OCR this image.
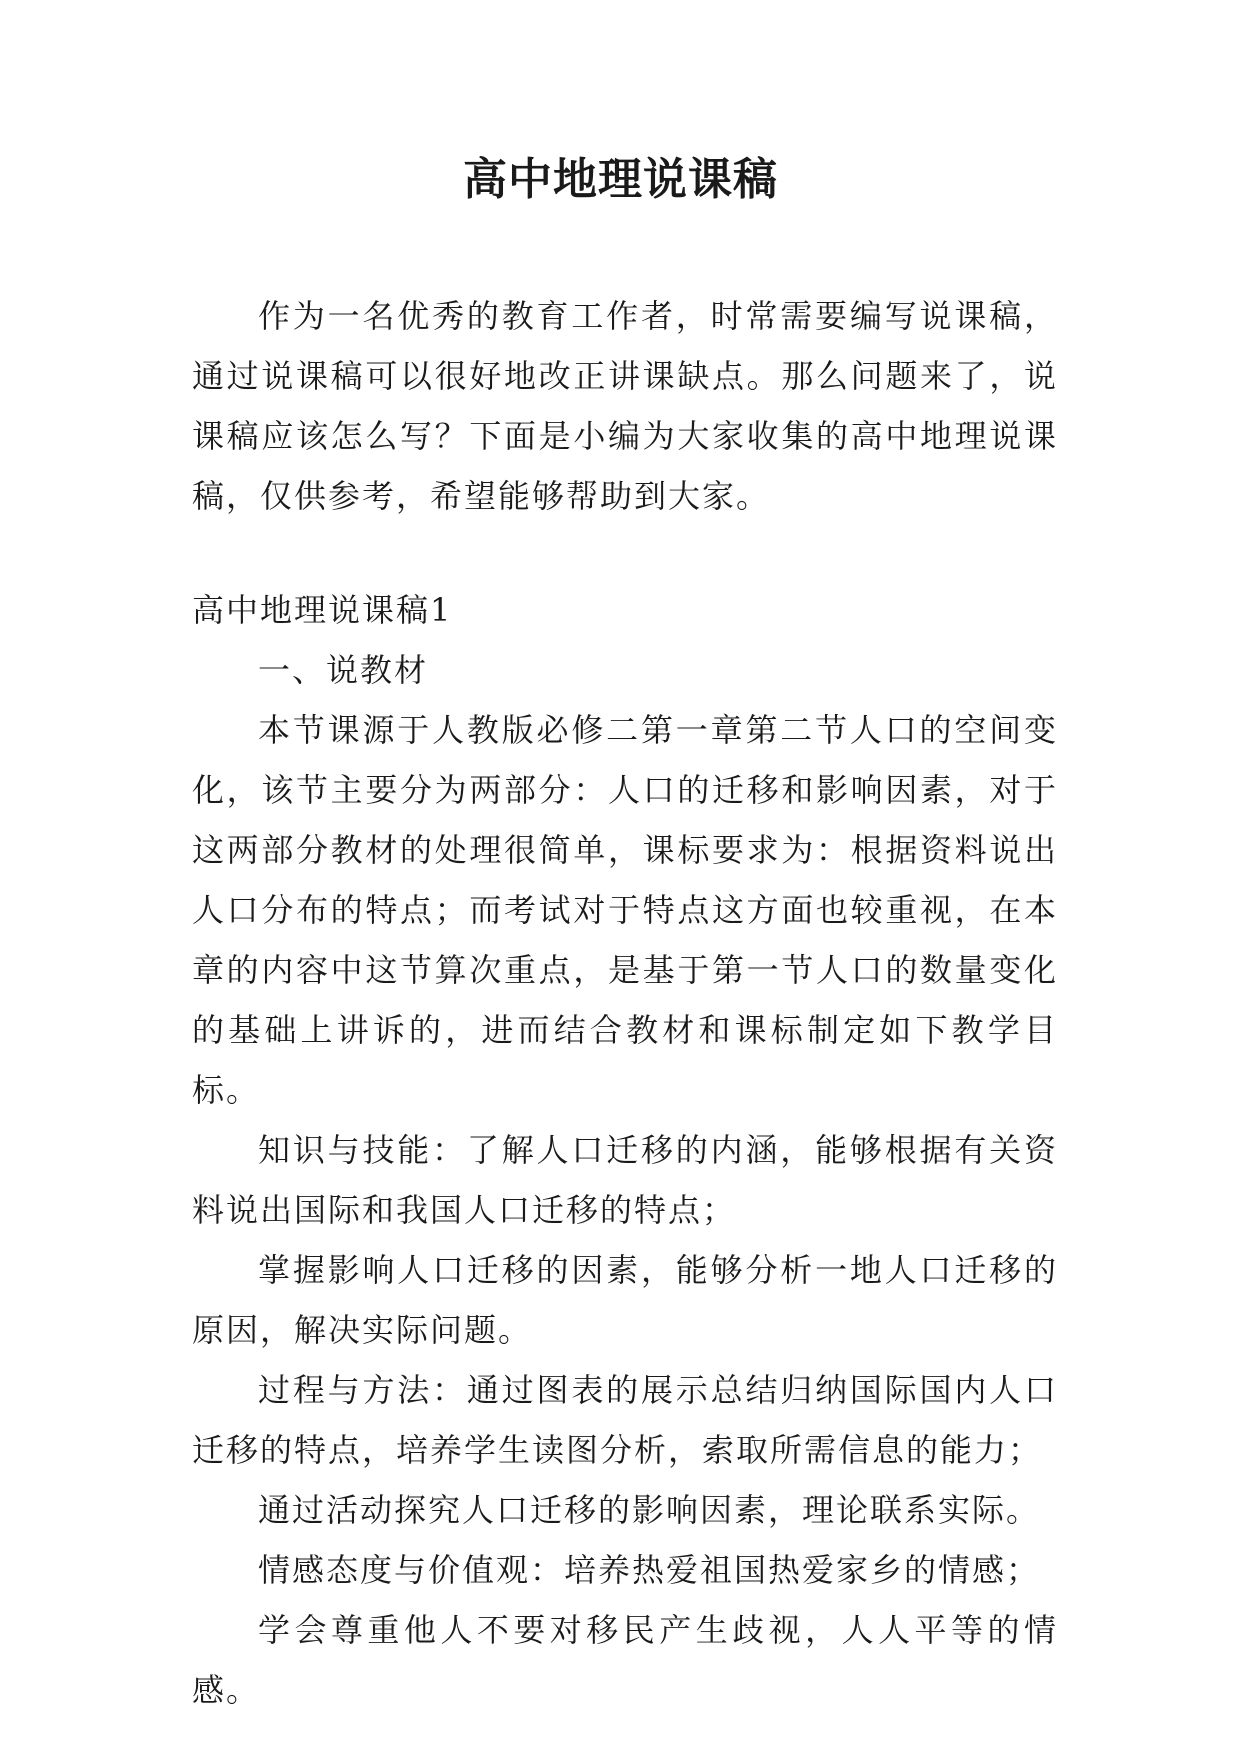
高中地理说课稿

作为一名优秀的教育工作者，时常需要编写说课稿，通过说课稿可以很好地改正讲课缺点。那么问题来了，说课稿应该怎么写？下面是小编为大家收集的高中地理说课稿，仅供参考，希望能够帮助到大家。

高中地理说课稿1

一、说教材

本节课源于人教版必修二第一章第二节人口的空间变化，该节主要分为两部分：人口的迁移和影响因素，对于这两部分教材的处理很简单，课标要求为：根据资料说出人口分布的特点；而考试对于特点这方面也较重视，在本章的内容中这节算次重点，是基于第一节人口的数量变化的基础上讲诉的，进而结合教材和课标制定如下教学目标。

知识与技能：了解人口迁移的内涵，能够根据有关资料说出国际和我国人口迁移的特点；

掌握影响人口迁移的因素，能够分析一地人口迁移的原因，解决实际问题。

过程与方法：通过图表的展示总结归纳国际国内人口迁移的特点，培养学生读图分析，索取所需信息的能力；

通过活动探究人口迁移的影响因素，理论联系实际。

情感态度与价值观：培养热爱祖国热爱家乡的情感；

学会尊重他人不要对移民产生歧视，人人平等的情感。
